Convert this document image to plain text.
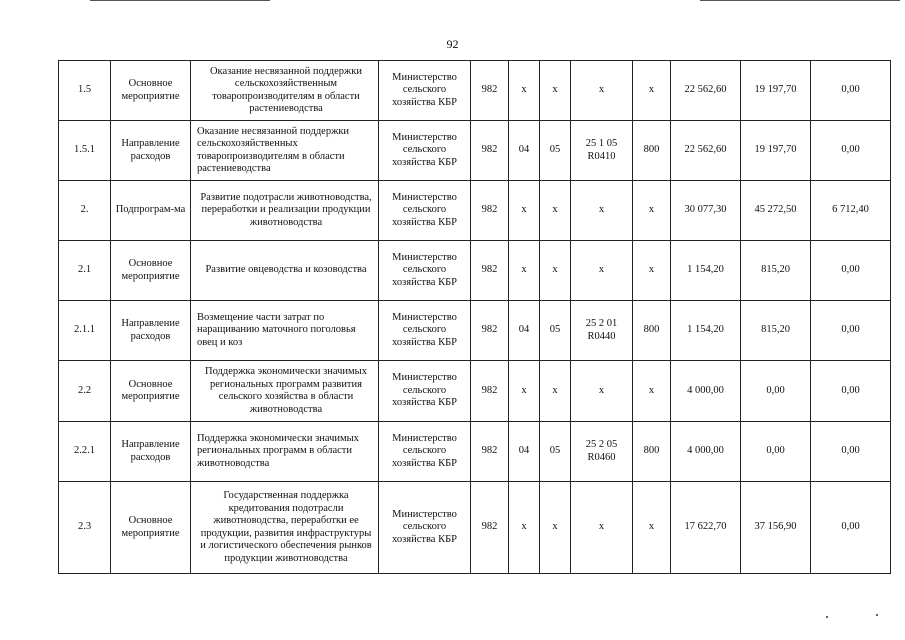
92
1.5	Основное мероприятие	Оказание несвязанной поддержки сельскохозяйственным товаропроизводителям в области растениеводства	Министерство сельского хозяйства КБР	982	x	x	x	x	22 562,60	19 197,70	0,00
1.5.1	Направление расходов	Оказание несвязанной поддержки сельскохозяйственных товаропроизводителям в области растениеводства	Министерство сельского хозяйства КБР	982	04	05	25 1 05 R0410	800	22 562,60	19 197,70	0,00
2.	Подпрограм-ма	Развитие подотрасли животноводства, переработки и реализации продукции животноводства	Министерство сельского хозяйства КБР	982	x	x	x	x	30 077,30	45 272,50	6 712,40
2.1	Основное мероприятие	Развитие овцеводства и козоводства	Министерство сельского хозяйства КБР	982	x	x	x	x	1 154,20	815,20	0,00
2.1.1	Направление расходов	Возмещение части затрат по наращиванию маточного поголовья овец и коз	Министерство сельского хозяйства КБР	982	04	05	25 2 01 R0440	800	1 154,20	815,20	0,00
2.2	Основное мероприятие	Поддержка экономически значимых региональных программ развития сельского хозяйства в области животноводства	Министерство сельского хозяйства КБР	982	x	x	x	x	4 000,00	0,00	0,00
2.2.1	Направление расходов	Поддержка экономически значимых региональных программ в области животноводства	Министерство сельского хозяйства КБР	982	04	05	25 2 05 R0460	800	4 000,00	0,00	0,00
2.3	Основное мероприятие	Государственная поддержка кредитования подотрасли животноводства, переработки ее продукции, развития инфраструктуры и логистического обеспечения рынков продукции животноводства	Министерство сельского хозяйства КБР	982	x	x	x	x	17 622,70	37 156,90	0,00
